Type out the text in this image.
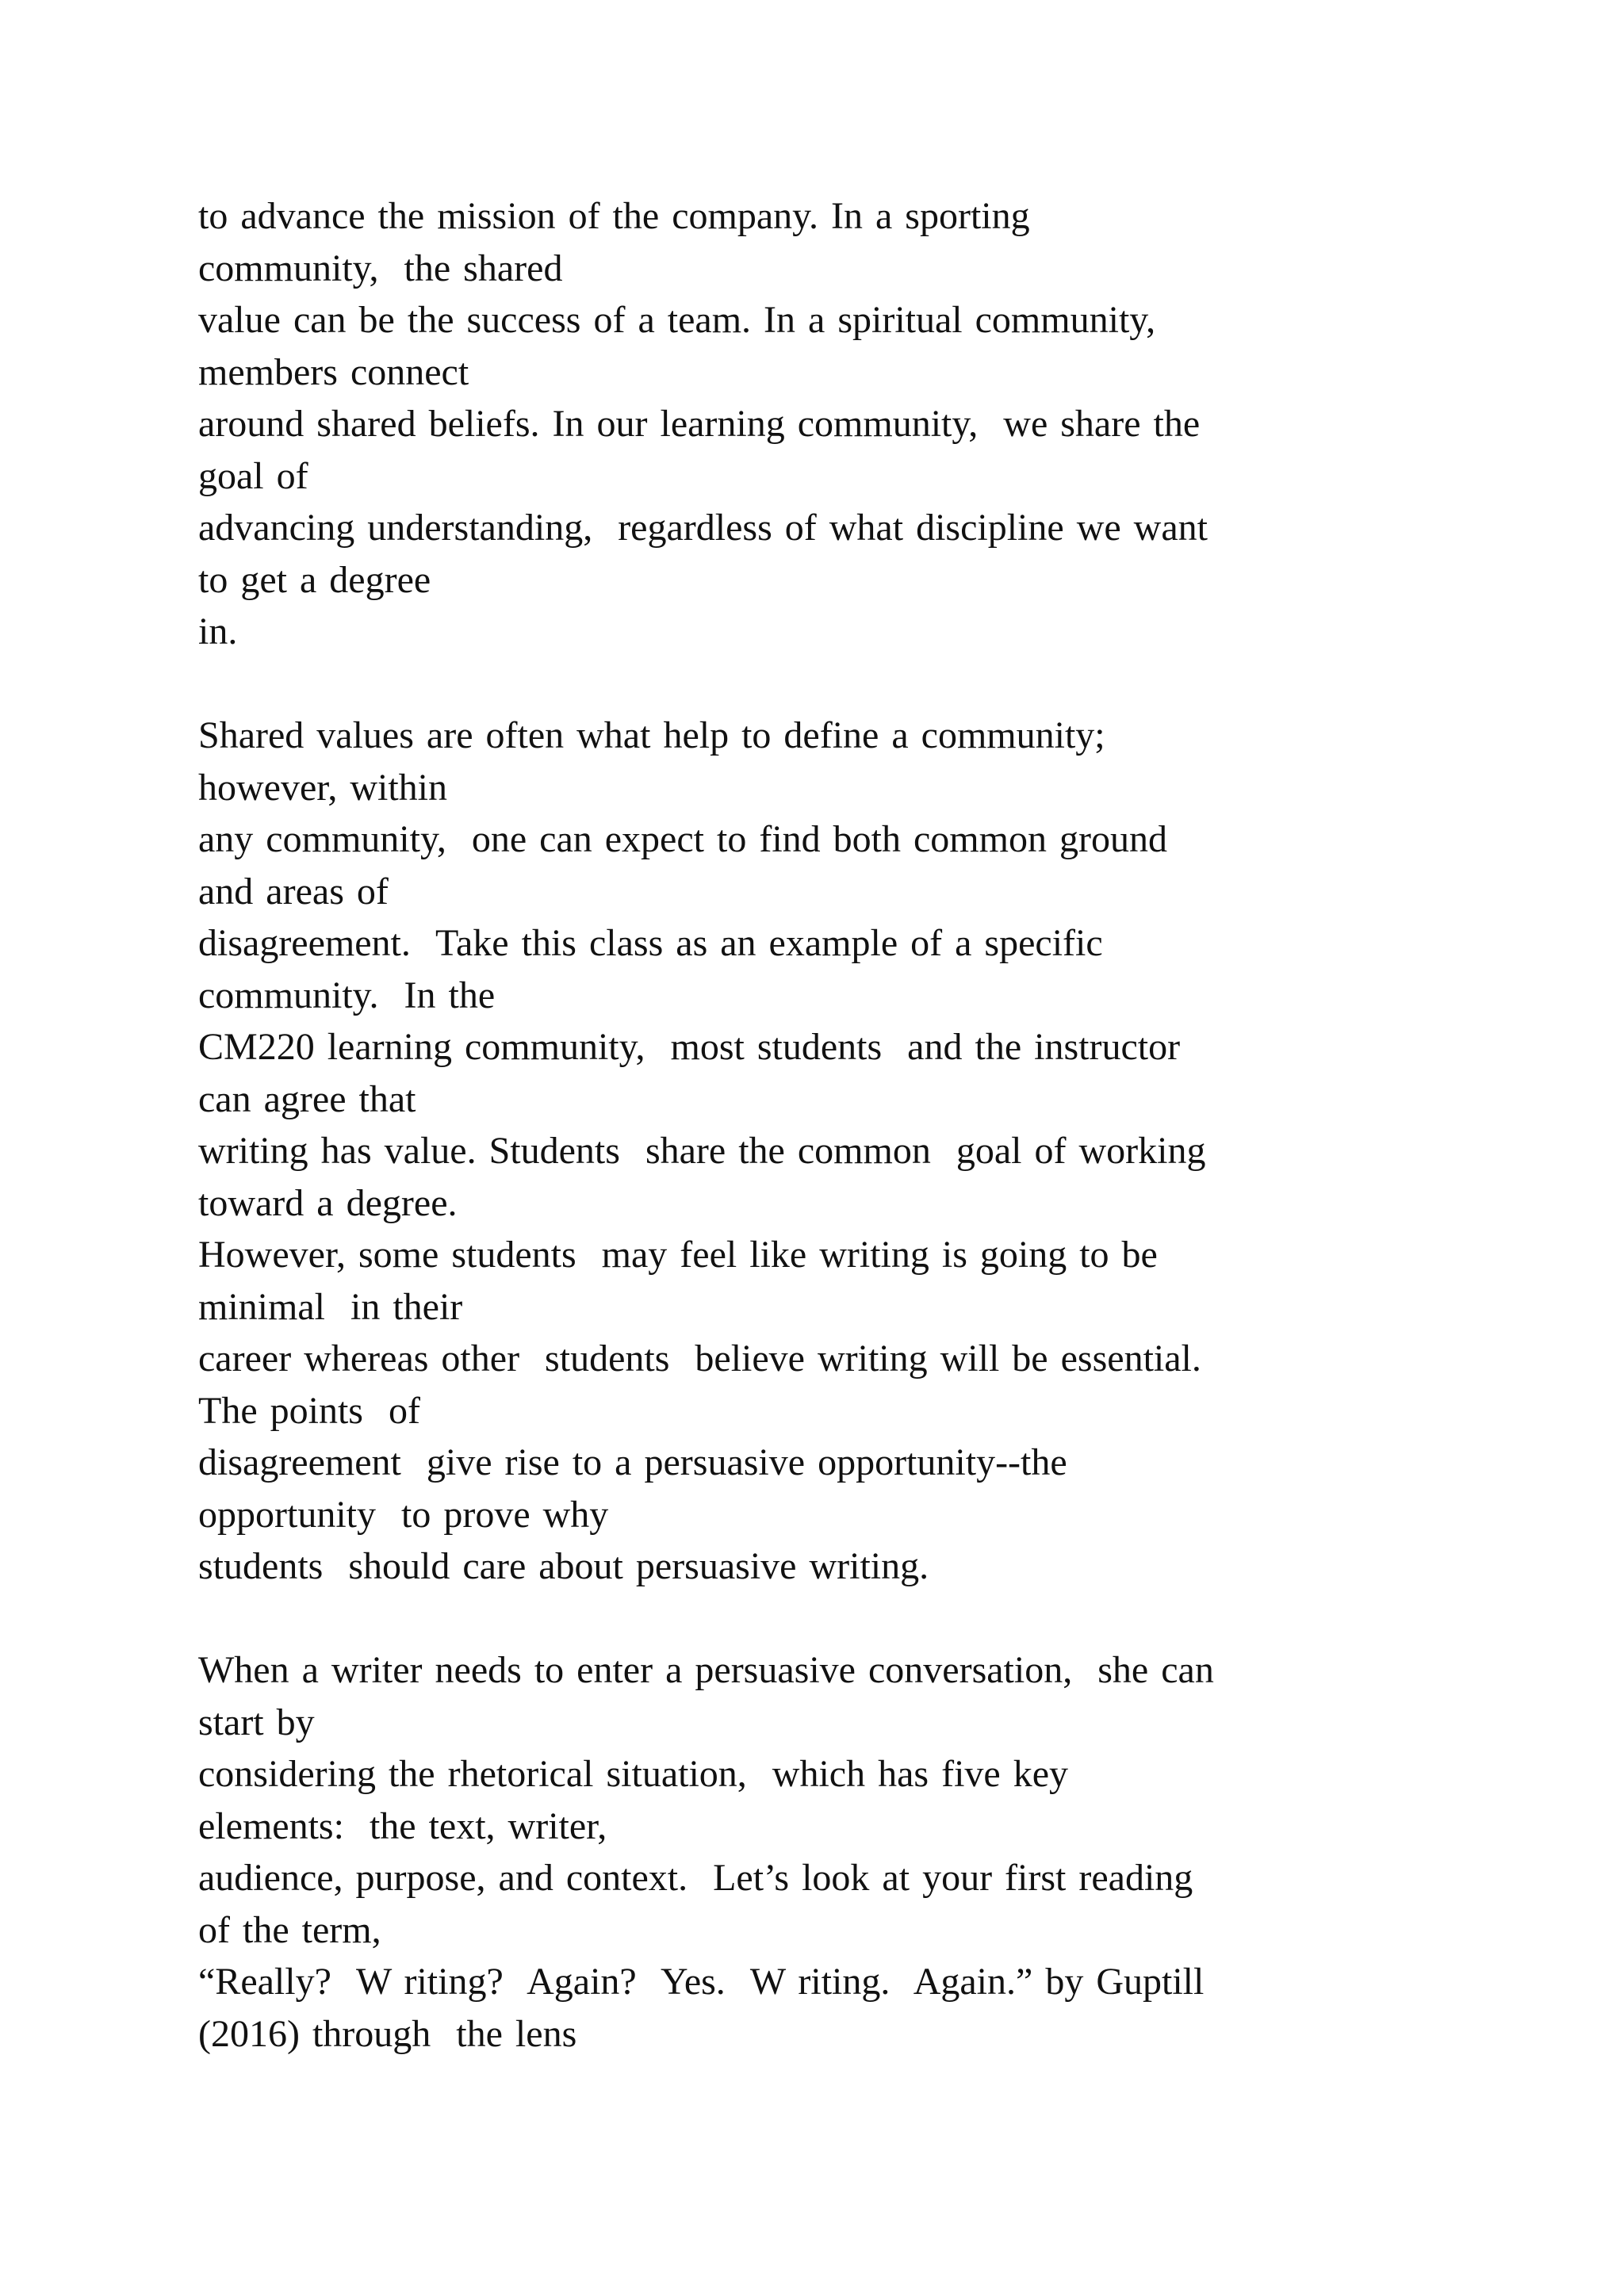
to advance the mission of the company. In a sporting
community,  the shared
value can be the success of a team. In a spiritual community,
members connect
around shared beliefs. In our learning community,  we share the
goal of
advancing understanding,  regardless of what discipline we want
to get a degree
in.
Shared values are often what help to define a community;
however, within
any community,  one can expect to find both common ground
and areas of
disagreement.  Take this class as an example of a specific
community.  In the
CM220 learning community,  most students  and the instructor
can agree that
writing has value. Students  share the common  goal of working
toward a degree.
However, some students  may feel like writing is going to be
minimal  in their
career whereas other  students  believe writing will be essential.
The points  of
disagreement  give rise to a persuasive opportunity--the
opportunity  to prove why
students  should care about persuasive writing.
When a writer needs to enter a persuasive conversation,  she can
start by
considering the rhetorical situation,  which has five key
elements:  the text, writer,
audience, purpose, and context.  Let’s look at your first reading
of the term,
“Really?  W riting?  Again?  Yes.  W riting.  Again.” by Guptill
(2016) through  the lens
